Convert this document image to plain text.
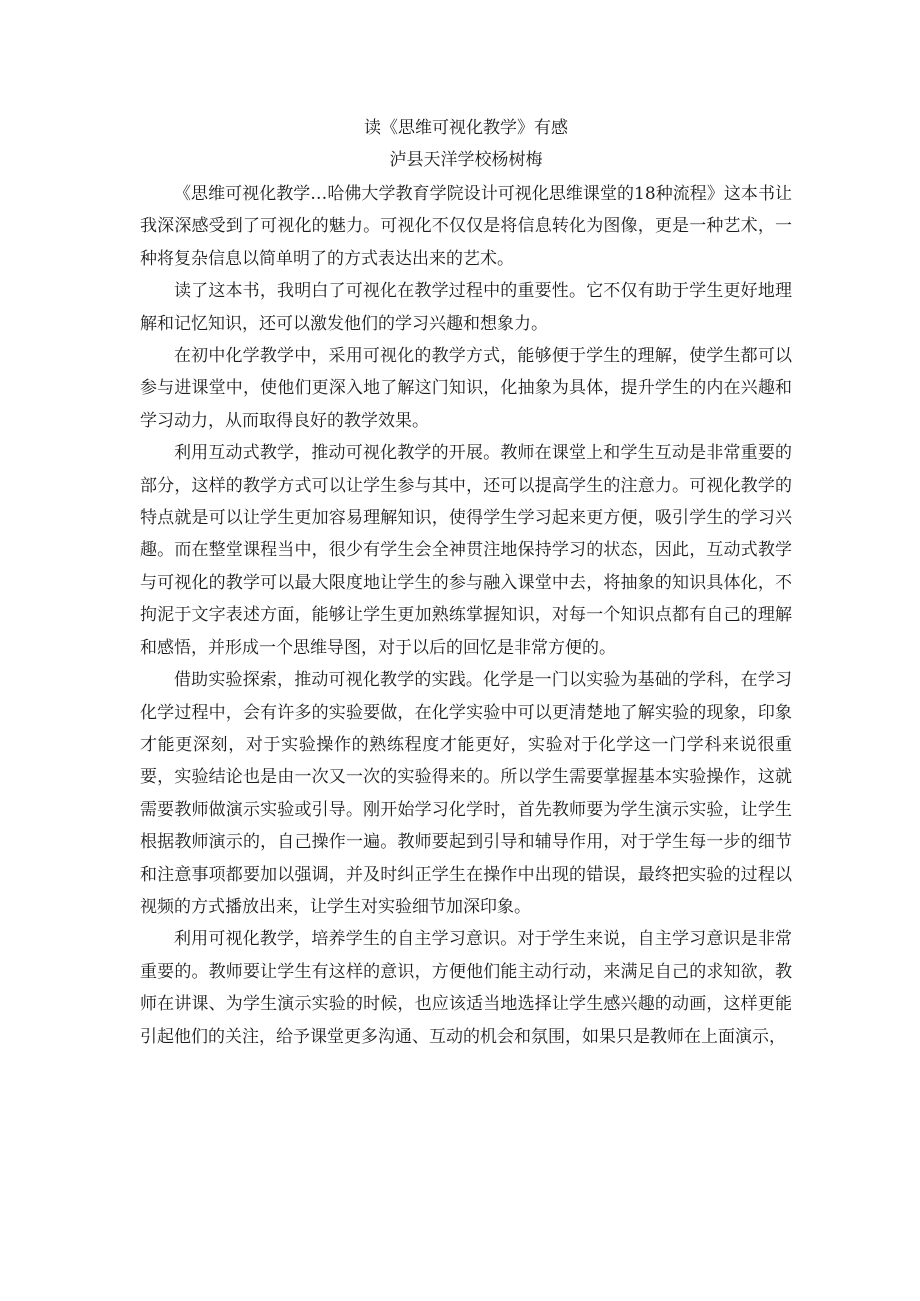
读《思维可视化教学》有感
泸县天洋学校杨树梅

《思维可视化教学…哈佛大学教育学院设计可视化思维课堂的18种流程》这本书让我深深感受到了可视化的魅力。可视化不仅仅是将信息转化为图像，更是一种艺术，一种将复杂信息以简单明了的方式表达出来的艺术。

读了这本书，我明白了可视化在教学过程中的重要性。它不仅有助于学生更好地理解和记忆知识，还可以激发他们的学习兴趣和想象力。

在初中化学教学中，采用可视化的教学方式，能够便于学生的理解，使学生都可以参与进课堂中，使他们更深入地了解这门知识，化抽象为具体，提升学生的内在兴趣和学习动力，从而取得良好的教学效果。

利用互动式教学，推动可视化教学的开展。教师在课堂上和学生互动是非常重要的部分，这样的教学方式可以让学生参与其中，还可以提高学生的注意力。可视化教学的特点就是可以让学生更加容易理解知识，使得学生学习起来更方便，吸引学生的学习兴趣。而在整堂课程当中，很少有学生会全神贯注地保持学习的状态，因此，互动式教学与可视化的教学可以最大限度地让学生的参与融入课堂中去，将抽象的知识具体化，不拘泥于文字表述方面，能够让学生更加熟练掌握知识，对每一个知识点都有自己的理解和感悟，并形成一个思维导图，对于以后的回忆是非常方便的。

借助实验探索，推动可视化教学的实践。化学是一门以实验为基础的学科，在学习化学过程中，会有许多的实验要做，在化学实验中可以更清楚地了解实验的现象，印象才能更深刻，对于实验操作的熟练程度才能更好，实验对于化学这一门学科来说很重要，实验结论也是由一次又一次的实验得来的。所以学生需要掌握基本实验操作，这就需要教师做演示实验或引导。刚开始学习化学时，首先教师要为学生演示实验，让学生根据教师演示的，自己操作一遍。教师要起到引导和辅导作用，对于学生每一步的细节和注意事项都要加以强调，并及时纠正学生在操作中出现的错误，最终把实验的过程以视频的方式播放出来，让学生对实验细节加深印象。

利用可视化教学，培养学生的自主学习意识。对于学生来说，自主学习意识是非常重要的。教师要让学生有这样的意识，方便他们能主动行动，来满足自己的求知欲，教师在讲课、为学生演示实验的时候，也应该适当地选择让学生感兴趣的动画，这样更能引起他们的关注，给予课堂更多沟通、互动的机会和氛围，如果只是教师在上面演示，
